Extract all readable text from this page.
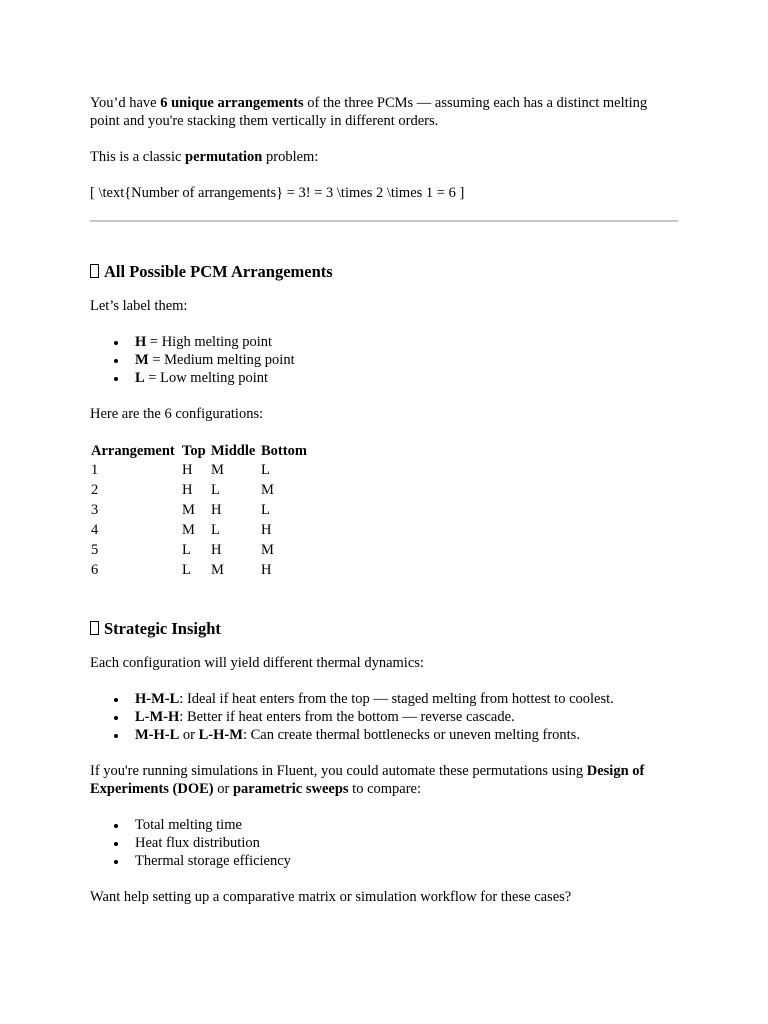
You’d have 6 unique arrangements of the three PCMs — assuming each has a distinct melting point and you're stacking them vertically in different orders.

This is a classic permutation problem:

[ \text{Number of arrangements} = 3! = 3 \times 2 \times 1 = 6 ]

All Possible PCM Arrangements

Let’s label them:

H = High melting point
M = Medium melting point
L = Low melting point

Here are the 6 configurations:

Arrangement	Top	Middle	Bottom
1	H	M	L
2	H	L	M
3	M	H	L
4	M	L	H
5	L	H	M
6	L	M	H
Strategic Insight

Each configuration will yield different thermal dynamics:

H-M-L: Ideal if heat enters from the top — staged melting from hottest to coolest.
L-M-H: Better if heat enters from the bottom — reverse cascade.
M-H-L or L-H-M: Can create thermal bottlenecks or uneven melting fronts.

If you're running simulations in Fluent, you could automate these permutations using Design of Experiments (DOE) or parametric sweeps to compare:

Total melting time
Heat flux distribution
Thermal storage efficiency

Want help setting up a comparative matrix or simulation workflow for these cases?
